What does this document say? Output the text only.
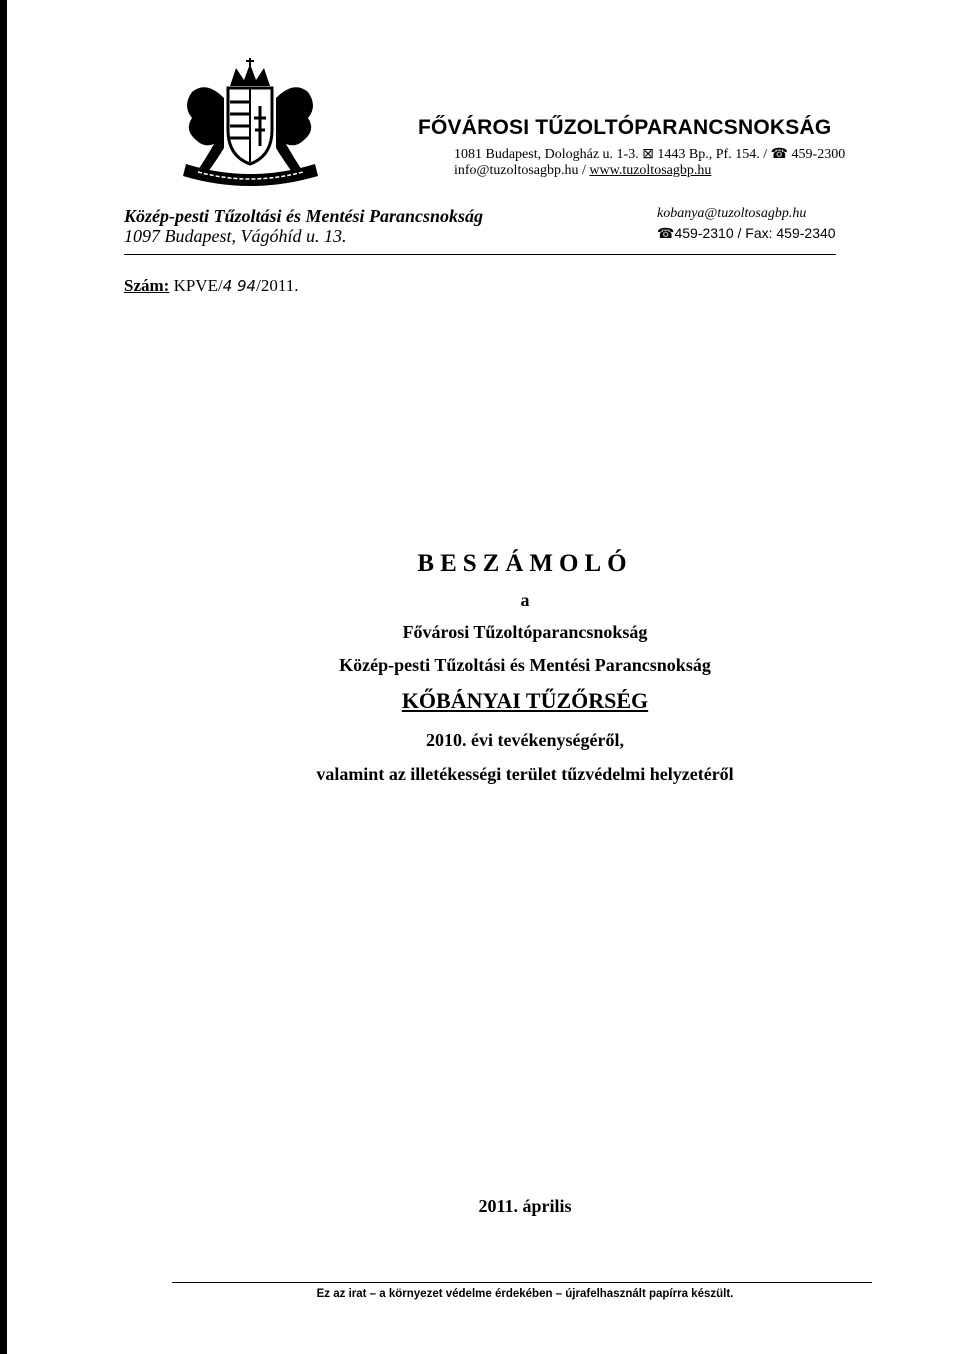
FŐVÁROSI TŰZOLTÓPARANCSNOKSÁG
1081 Budapest, Dologház u. 1-3. ⊠ 1443 Bp., Pf. 154. / ☎ 459-2300
info@tuzoltosagbp.hu / www.tuzoltosagbp.hu
Közép-pesti Tűzoltási és Mentési Parancsnokság
1097 Budapest, Vágóhíd u. 13.
kobanya@tuzoltosagbp.hu
☎459-2310 / Fax: 459-2340
Szám: KPVE/4 94/2011.
BESZÁMOLÓ
a
Fővárosi Tűzoltóparancsnokság
Közép-pesti Tűzoltási és Mentési Parancsnokság
KŐBÁNYAI TŰZŐRSÉG
2010. évi tevékenységéről,
valamint az illetékességi terület tűzvédelmi helyzetéről
2011. április
Ez az irat – a környezet védelme érdekében – újrafelhasznált papírra készült.
